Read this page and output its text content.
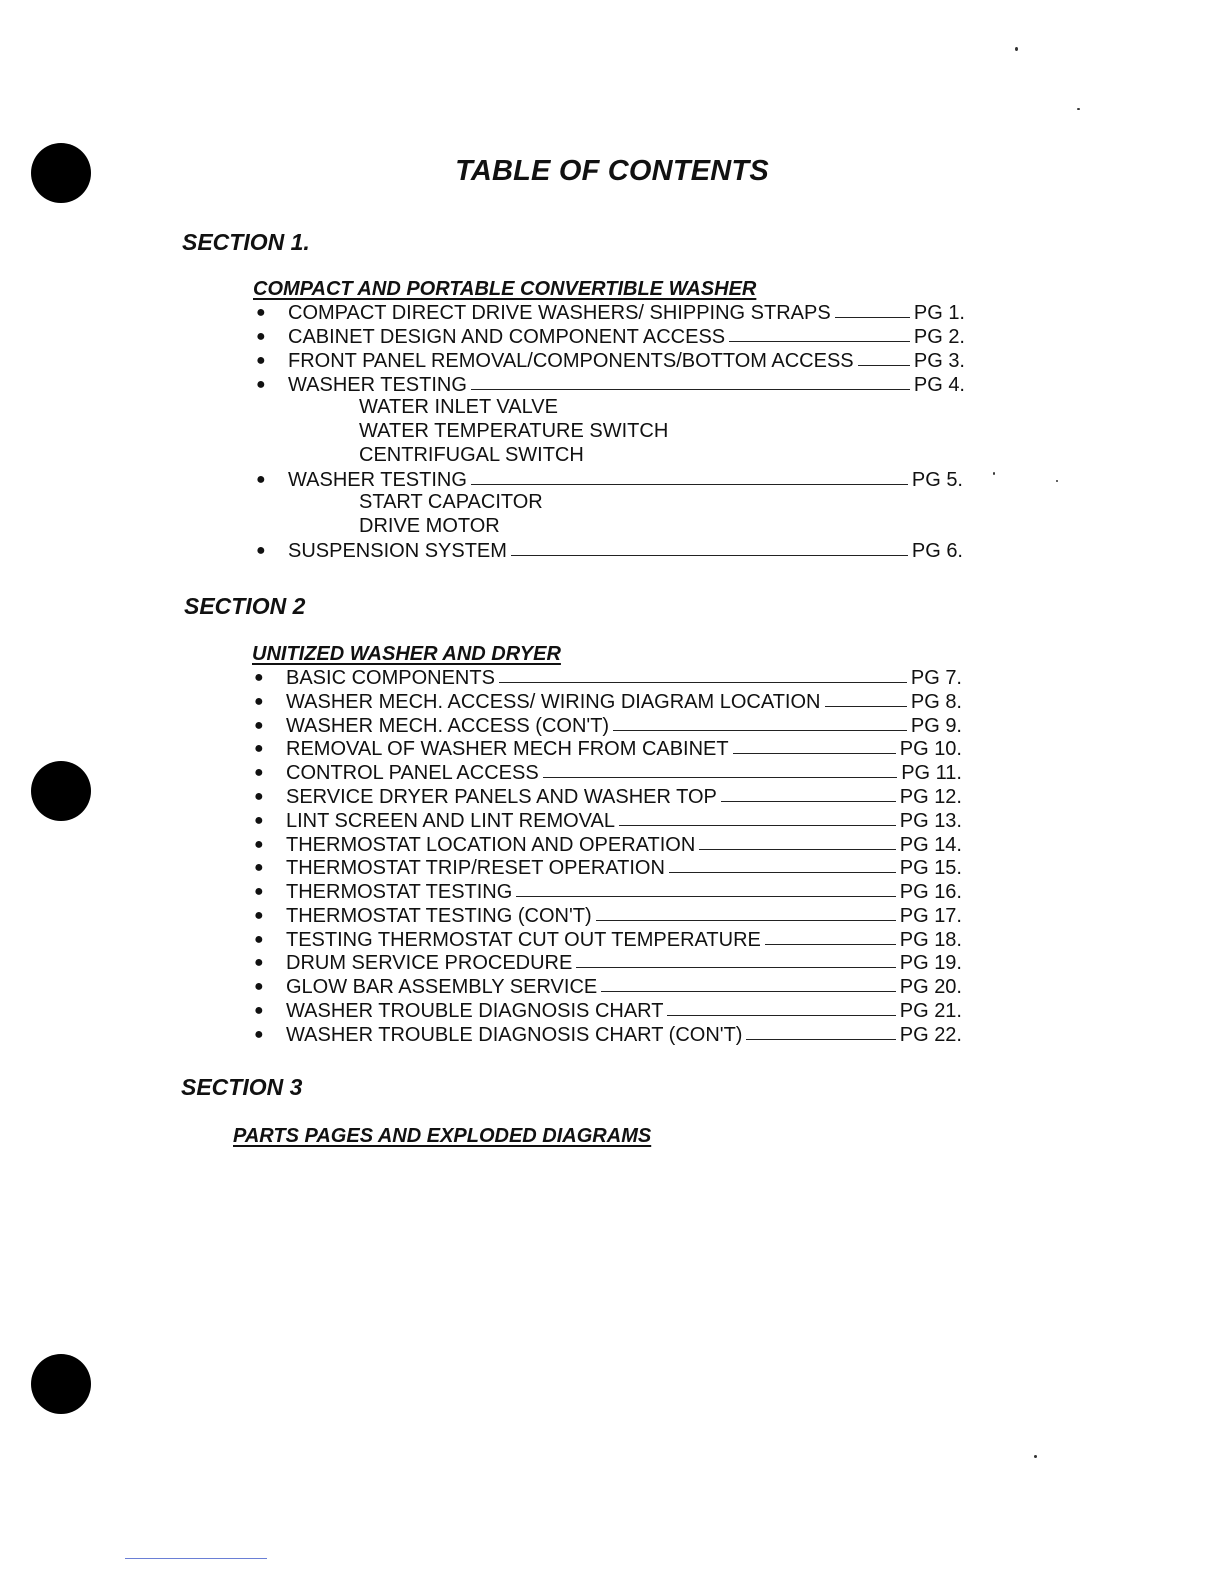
TABLE OF CONTENTS
SECTION 1.
COMPACT AND PORTABLE CONVERTIBLE WASHER
●	COMPACT DIRECT DRIVE WASHERS/ SHIPPING STRAPS	PG 1.
●	CABINET DESIGN AND COMPONENT ACCESS	PG 2.
●	FRONT PANEL REMOVAL/COMPONENTS/BOTTOM ACCESS	PG 3.
●	WASHER TESTING	PG 4.
WATER INLET VALVE
WATER TEMPERATURE SWITCH
CENTRIFUGAL SWITCH
●	WASHER TESTING	PG 5.
START CAPACITOR
DRIVE MOTOR
●	SUSPENSION SYSTEM	PG 6.
SECTION 2
UNITIZED WASHER AND DRYER
●	BASIC COMPONENTS	PG 7.
●	WASHER MECH. ACCESS/ WIRING DIAGRAM LOCATION	PG 8.
●	WASHER MECH. ACCESS (CON'T)	PG 9.
●	REMOVAL OF WASHER MECH FROM CABINET	PG 10.
●	CONTROL PANEL ACCESS	PG 11.
●	SERVICE DRYER PANELS AND WASHER TOP	PG 12.
●	LINT SCREEN AND LINT REMOVAL	PG 13.
●	THERMOSTAT LOCATION AND OPERATION	PG 14.
●	THERMOSTAT TRIP/RESET OPERATION	PG 15.
●	THERMOSTAT TESTING	PG 16.
●	THERMOSTAT TESTING (CON'T)	PG 17.
●	TESTING THERMOSTAT CUT OUT TEMPERATURE	PG 18.
●	DRUM SERVICE PROCEDURE	PG 19.
●	GLOW BAR ASSEMBLY SERVICE	PG 20.
●	WASHER TROUBLE DIAGNOSIS CHART	PG 21.
●	WASHER TROUBLE DIAGNOSIS CHART (CON'T)	PG 22.
SECTION 3
PARTS PAGES AND EXPLODED DIAGRAMS
